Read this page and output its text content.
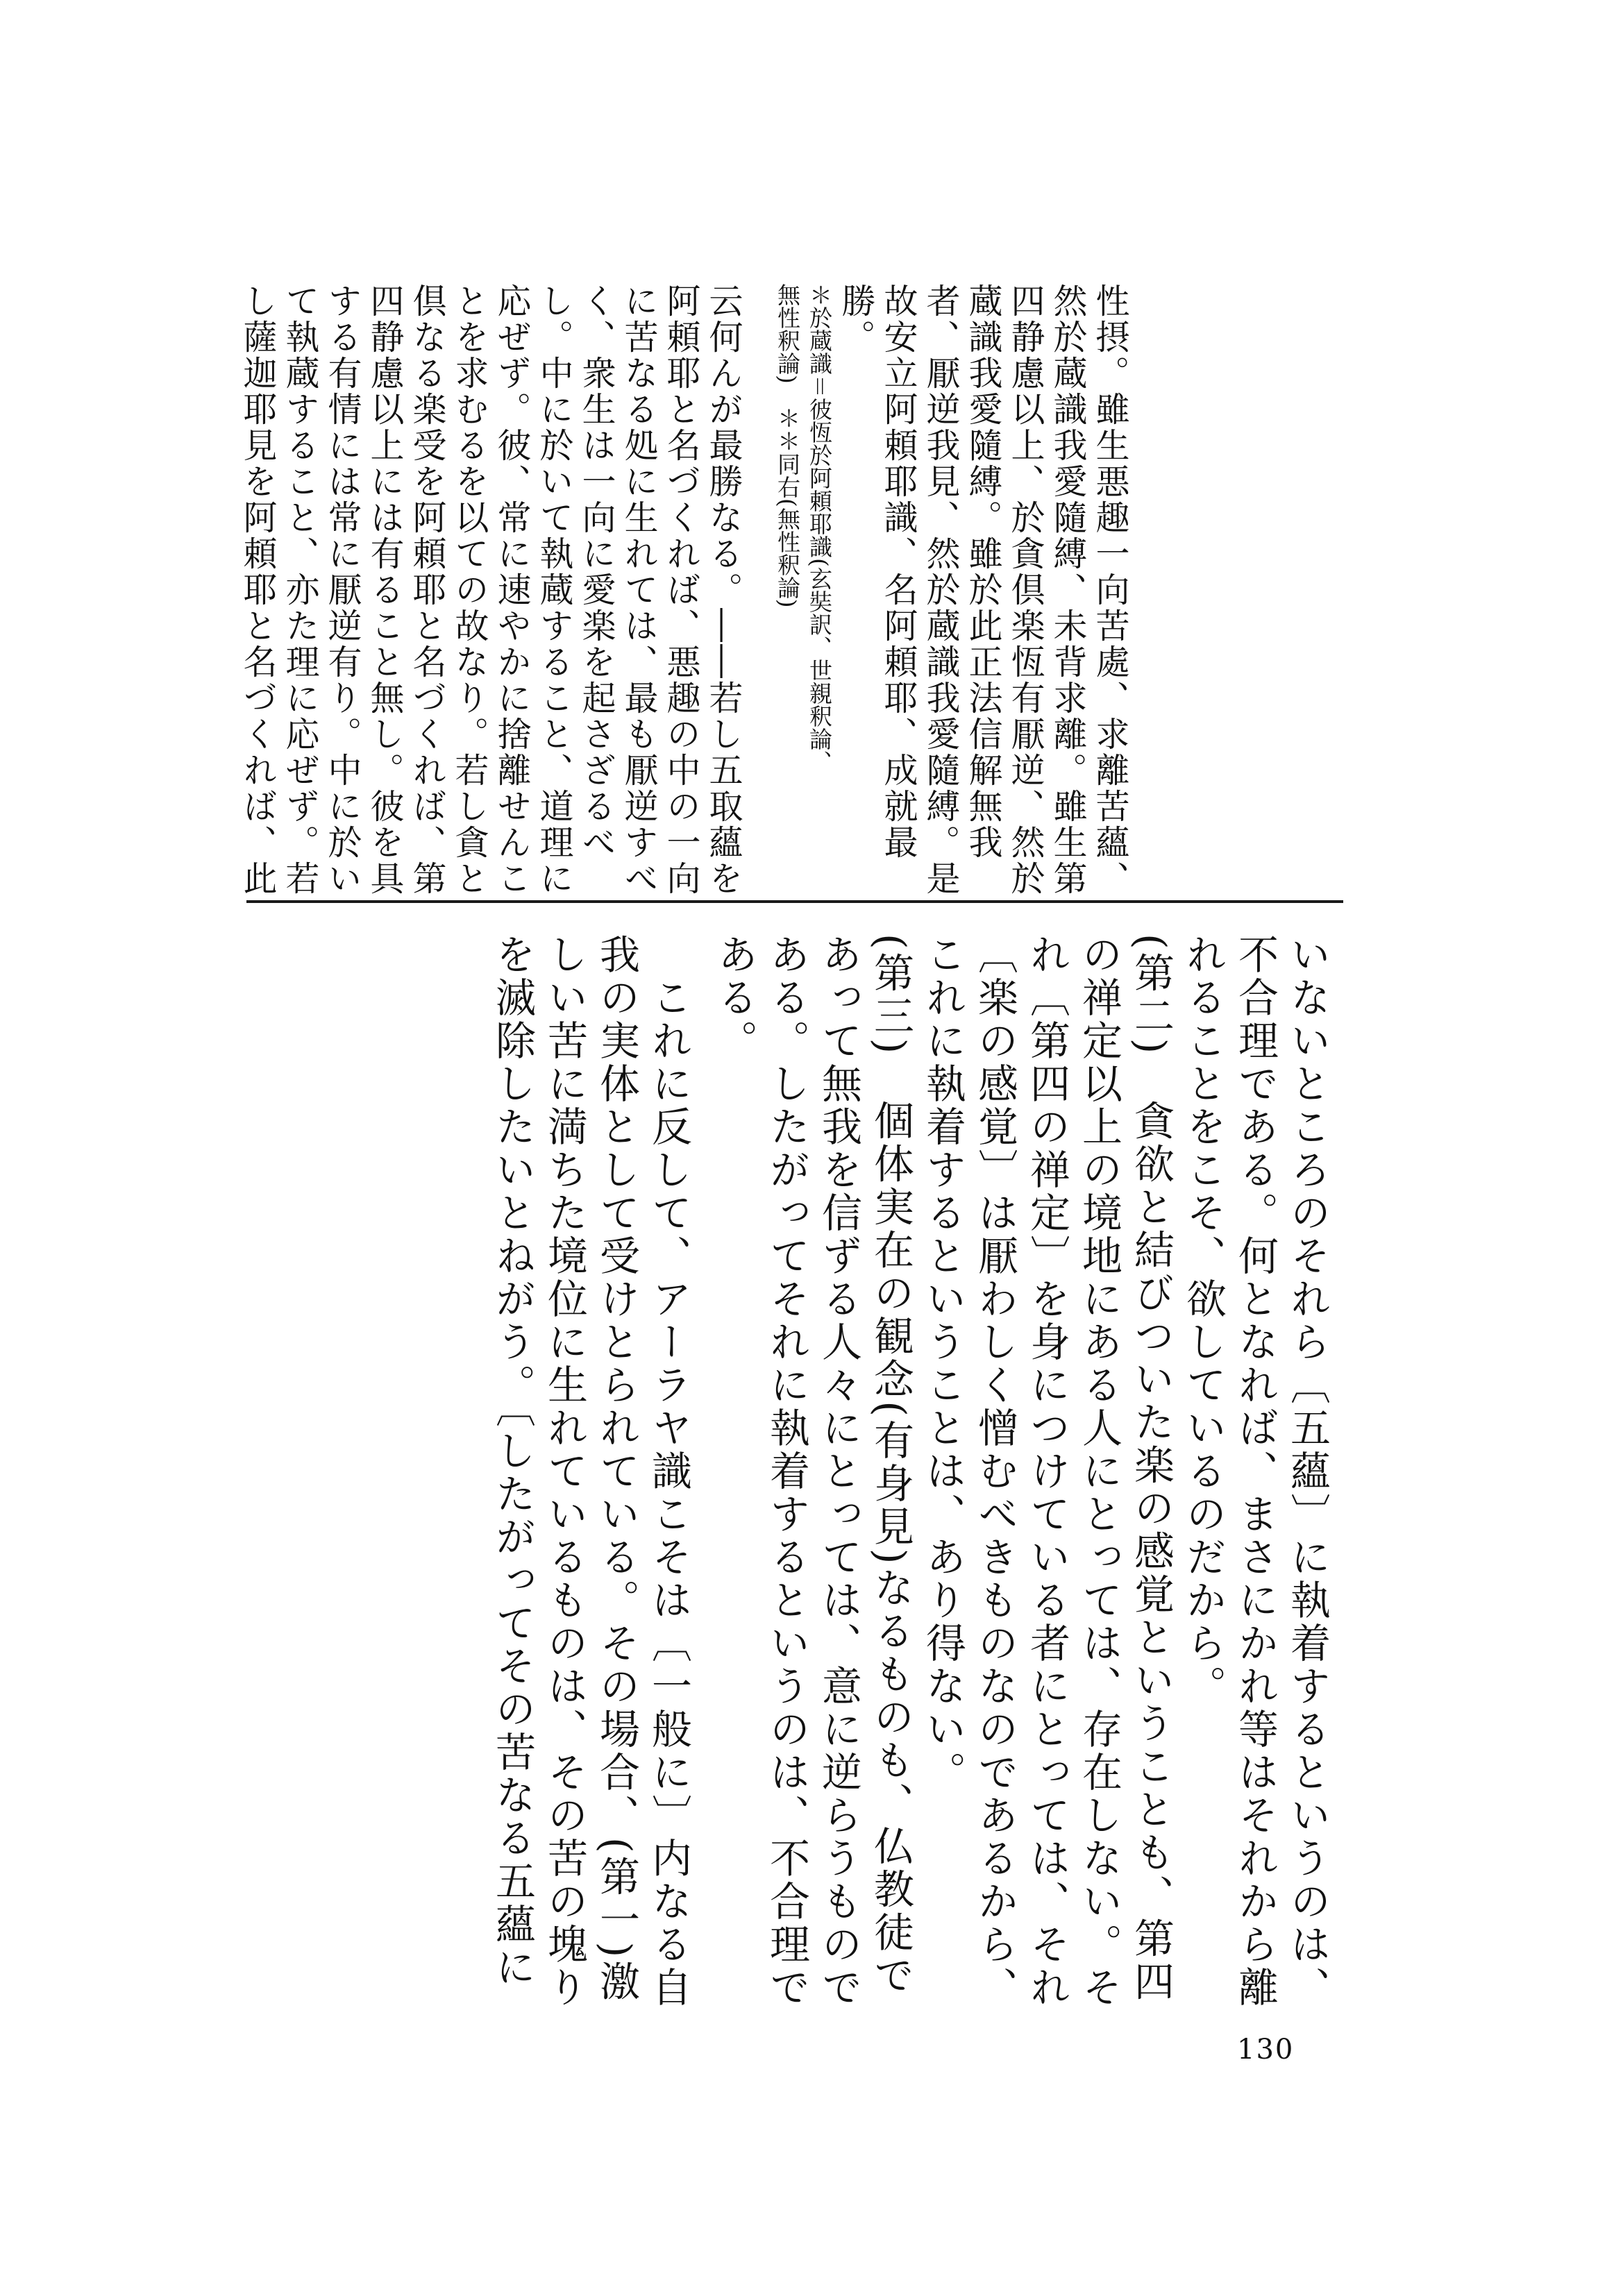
性摂。雖生悪趣一向苦處、求離苦蘊、
然於蔵識我愛隨縛、未背求離。雖生第
四静慮以上、於貪倶楽恆有厭逆、然於
蔵識我愛隨縛。雖於此正法信解無我
者、厭逆我見、然於蔵識我愛隨縛。是
故安立阿頼耶識、名阿頼耶、成就最
勝。
＊於蔵識＝彼恆於阿頼耶識(玄奘訳、世親釈論、
無性釈論)　＊＊同右(無性釈論)
云何んが最勝なる。――若し五取蘊を
阿頼耶と名づくれば、悪趣の中の一向
に苦なる処に生れては、最も厭逆すべ
く、衆生は一向に愛楽を起さざるべ
し。中に於いて執蔵すること、道理に
応ぜず。彼、常に速やかに捨離せんこ
とを求むるを以ての故なり。若し貪と
倶なる楽受を阿頼耶と名づくれば、第
四静慮以上には有ること無し。彼を具
する有情には常に厭逆有り。中に於い
て執蔵すること、亦た理に応ぜず。若
し薩迦耶見を阿頼耶と名づくれば、此
いないところのそれら〔五蘊〕に執着するというのは、
不合理である。何となれば、まさにかれ等はそれから離
れることをこそ、欲しているのだから。
(第二)　貪欲と結びついた楽の感覚ということも、第四
の禅定以上の境地にある人にとっては、存在しない。そ
れ〔第四の禅定〕を身につけている者にとっては、それ
〔楽の感覚〕は厭わしく憎むべきものなのであるから、
これに執着するということは、あり得ない。
(第三)　個体実在の観念(有身見)なるものも、仏教徒で
あって無我を信ずる人々にとっては、意に逆らうもので
ある。したがってそれに執着するというのは、不合理で
ある。
　これに反して、アーラヤ識こそは〔一般に〕内なる自
我の実体として受けとられている。その場合、(第一)激
しい苦に満ちた境位に生れているものは、その苦の塊り
を滅除したいとねがう。〔したがってその苦なる五蘊に
130
